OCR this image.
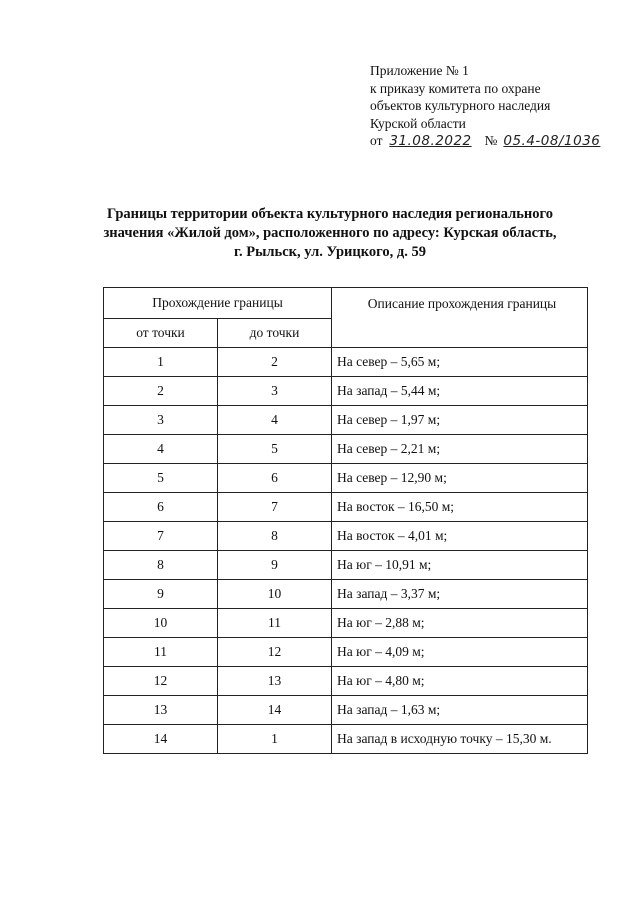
Приложение № 1
к приказу комитета по охране
объектов культурного наследия
Курской области
от 31.08.2022 № 05.4-08/1036
Границы территории объекта культурного наследия регионального
значения «Жилой дом», расположенного по адресу: Курская область,
г. Рыльск, ул. Урицкого, д. 59
Прохождение границы		Описание прохождения границы
от точки	до точки	
1	2	На север – 5,65 м;
2	3	На запад – 5,44 м;
3	4	На север – 1,97 м;
4	5	На север – 2,21 м;
5	6	На север – 12,90 м;
6	7	На восток – 16,50 м;
7	8	На восток – 4,01 м;
8	9	На юг – 10,91 м;
9	10	На запад – 3,37 м;
10	11	На юг – 2,88 м;
11	12	На юг – 4,09 м;
12	13	На юг – 4,80 м;
13	14	На запад – 1,63 м;
14	1	На запад в исходную точку – 15,30 м.
